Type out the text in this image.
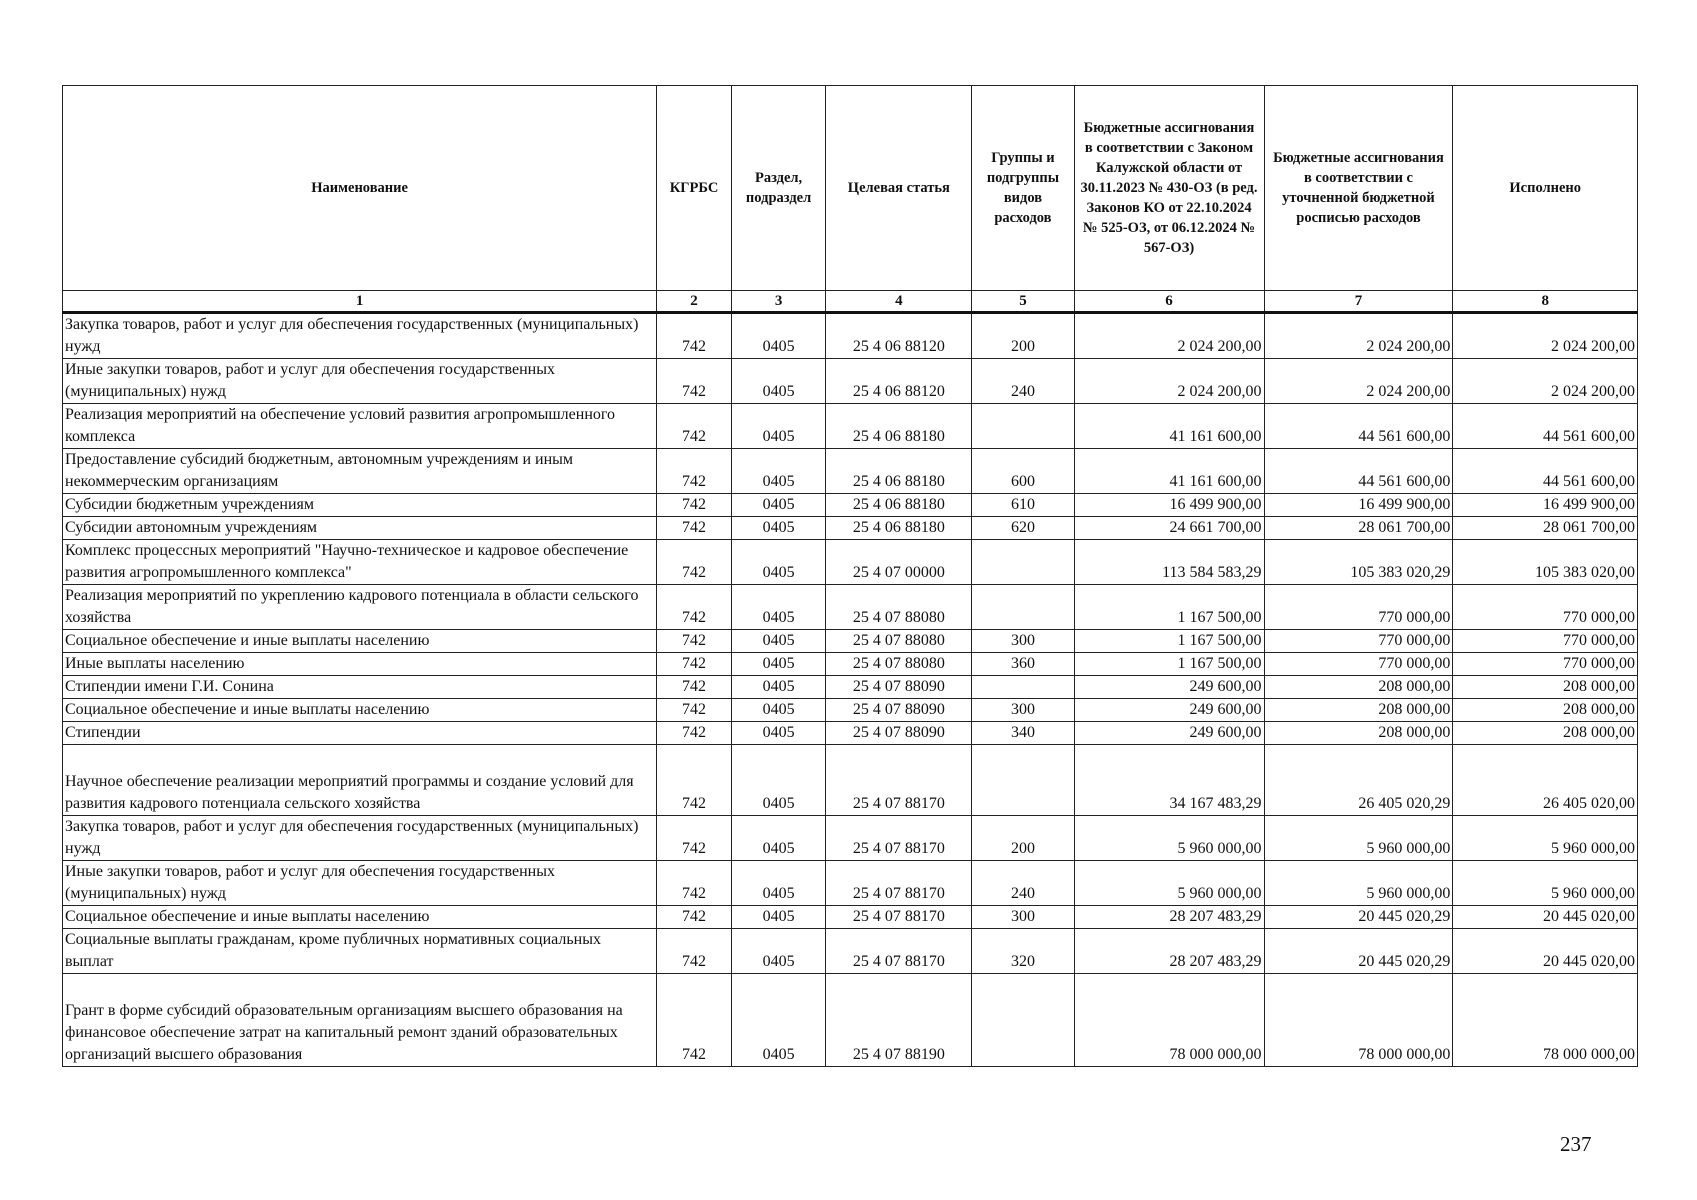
Наименование	КГРБС	Раздел, подраздел	Целевая статья	Группы и подгруппы видов расходов	Бюджетные ассигнования в соответствии с Законом Калужской области от 30.11.2023 № 430-ОЗ (в ред. Законов КО от 22.10.2024 № 525-ОЗ, от 06.12.2024 № 567-ОЗ)	Бюджетные ассигнования в соответствии с уточненной бюджетной росписью расходов	Исполнено
1	2	3	4	5	6	7	8
Закупка товаров, работ и услуг для обеспечения государственных (муниципальных) нужд	742	0405	25 4 06 88120	200	2 024 200,00	2 024 200,00	2 024 200,00
Иные закупки товаров, работ и услуг для обеспечения государственных (муниципальных) нужд	742	0405	25 4 06 88120	240	2 024 200,00	2 024 200,00	2 024 200,00
Реализация мероприятий на обеспечение условий развития агропромышленного комплекса	742	0405	25 4 06 88180		41 161 600,00	44 561 600,00	44 561 600,00
Предоставление субсидий бюджетным, автономным учреждениям и иным некоммерческим организациям	742	0405	25 4 06 88180	600	41 161 600,00	44 561 600,00	44 561 600,00
Субсидии бюджетным учреждениям	742	0405	25 4 06 88180	610	16 499 900,00	16 499 900,00	16 499 900,00
Субсидии автономным учреждениям	742	0405	25 4 06 88180	620	24 661 700,00	28 061 700,00	28 061 700,00
Комплекс процессных мероприятий "Научно-техническое и кадровое обеспечение развития агропромышленного комплекса"	742	0405	25 4 07 00000		113 584 583,29	105 383 020,29	105 383 020,00
Реализация мероприятий по укреплению кадрового потенциала в области сельского хозяйства	742	0405	25 4 07 88080		1 167 500,00	770 000,00	770 000,00
Социальное обеспечение и иные выплаты населению	742	0405	25 4 07 88080	300	1 167 500,00	770 000,00	770 000,00
Иные выплаты населению	742	0405	25 4 07 88080	360	1 167 500,00	770 000,00	770 000,00
Стипендии имени Г.И. Сонина	742	0405	25 4 07 88090		249 600,00	208 000,00	208 000,00
Социальное обеспечение и иные выплаты населению	742	0405	25 4 07 88090	300	249 600,00	208 000,00	208 000,00
Стипендии	742	0405	25 4 07 88090	340	249 600,00	208 000,00	208 000,00
Научное обеспечение реализации мероприятий программы и создание условий для развития кадрового потенциала сельского хозяйства	742	0405	25 4 07 88170		34 167 483,29	26 405 020,29	26 405 020,00
Закупка товаров, работ и услуг для обеспечения государственных (муниципальных) нужд	742	0405	25 4 07 88170	200	5 960 000,00	5 960 000,00	5 960 000,00
Иные закупки товаров, работ и услуг для обеспечения государственных (муниципальных) нужд	742	0405	25 4 07 88170	240	5 960 000,00	5 960 000,00	5 960 000,00
Социальное обеспечение и иные выплаты населению	742	0405	25 4 07 88170	300	28 207 483,29	20 445 020,29	20 445 020,00
Социальные выплаты гражданам, кроме публичных нормативных социальных выплат	742	0405	25 4 07 88170	320	28 207 483,29	20 445 020,29	20 445 020,00
Грант в форме субсидий образовательным организациям высшего образования на финансовое обеспечение затрат на капитальный ремонт зданий образовательных организаций высшего образования	742	0405	25 4 07 88190		78 000 000,00	78 000 000,00	78 000 000,00
237
